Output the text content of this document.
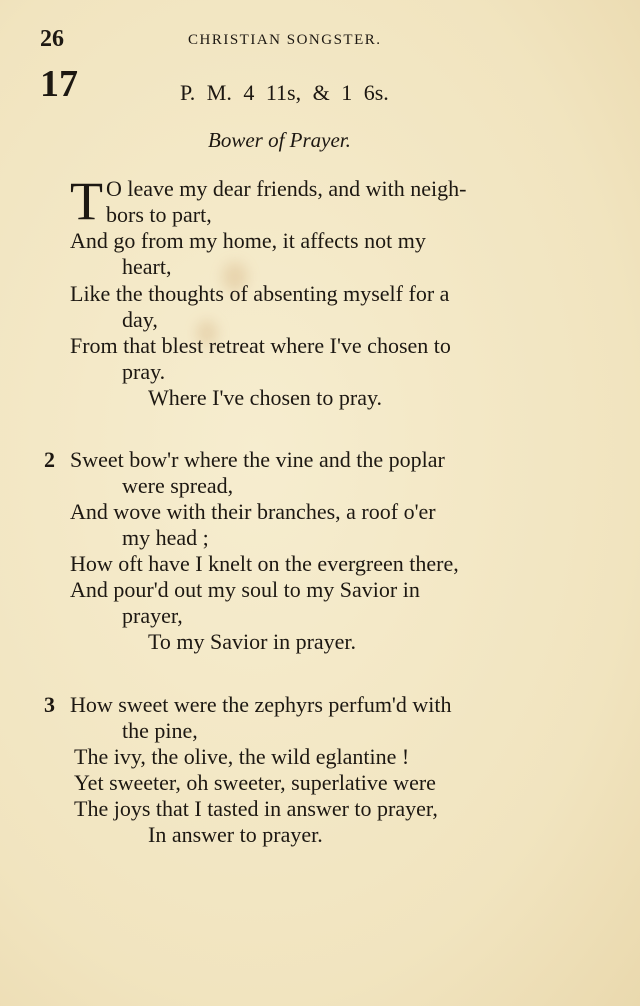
26	CHRISTIAN SONGSTER.
17	P. M. 4 11s, & 1 6s.
Bower of Prayer.
T O leave my dear friends, and with neigh-
bors to part,
And go from my home, it affects not my
heart,
Like the thoughts of absenting myself for a
day,
From that blest retreat where I've chosen to
pray.
Where I've chosen to pray.
2 Sweet bow'r where the vine and the poplar
were spread,
And wove with their branches, a roof o'er
my head ;
How oft have I knelt on the evergreen there,
And pour'd out my soul to my Savior in
prayer,
To my Savior in prayer.
3 How sweet were the zephyrs perfum'd with
the pine,
The ivy, the olive, the wild eglantine !
Yet sweeter, oh sweeter, superlative were
The joys that I tasted in answer to prayer,
In answer to prayer.
